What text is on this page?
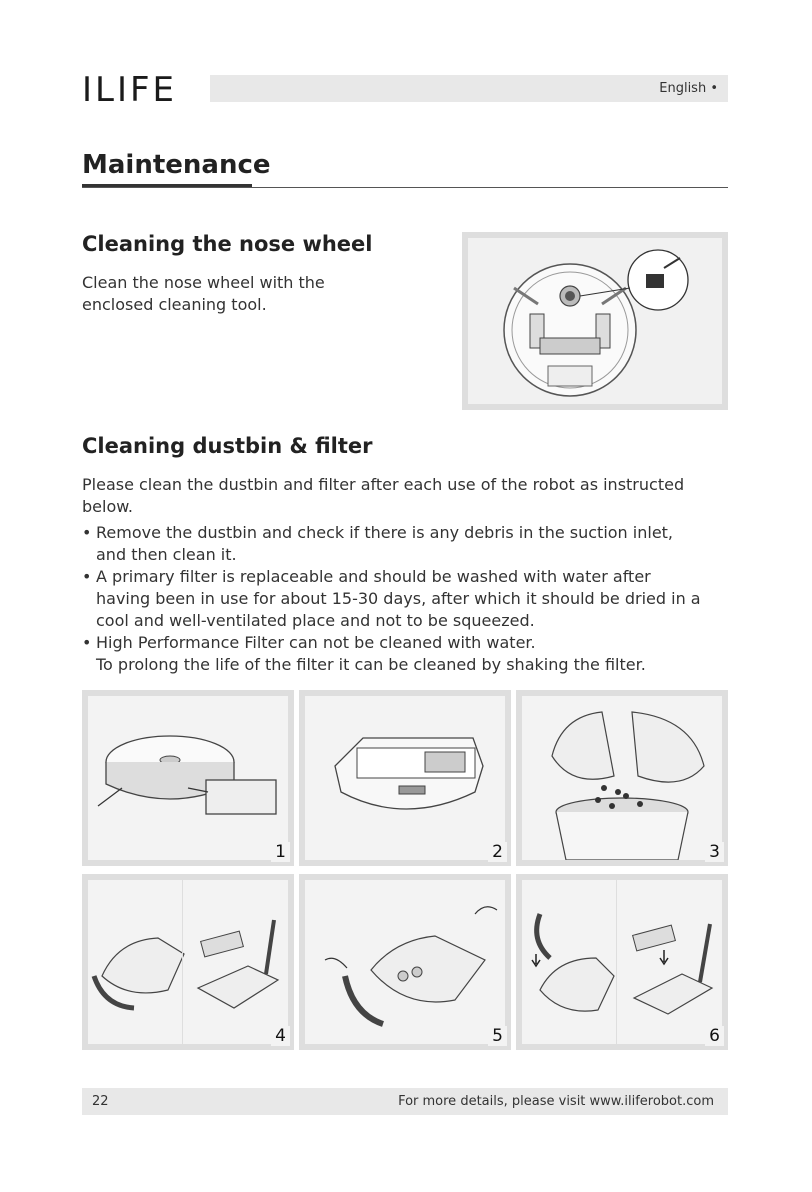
ILIFE	English •
Maintenance
Cleaning the nose wheel
Clean the nose wheel with the
enclosed cleaning tool.
Cleaning dustbin & filter
Please clean the dustbin and filter after each use of the robot as instructed
below.
• Remove the dustbin and check if there is any debris in the suction inlet,
and then clean it.
• A primary filter is replaceable and should be washed with water after
having been in use for about 15-30 days, after which it should be dried in a
cool and well-ventilated place and not to be squeezed.
• High Performance Filter can not be cleaned with water.
To prolong the life of the filter it can be cleaned by shaking the filter.
1	2	3
4	5	6
22	For more details, please visit www.iliferobot.com
